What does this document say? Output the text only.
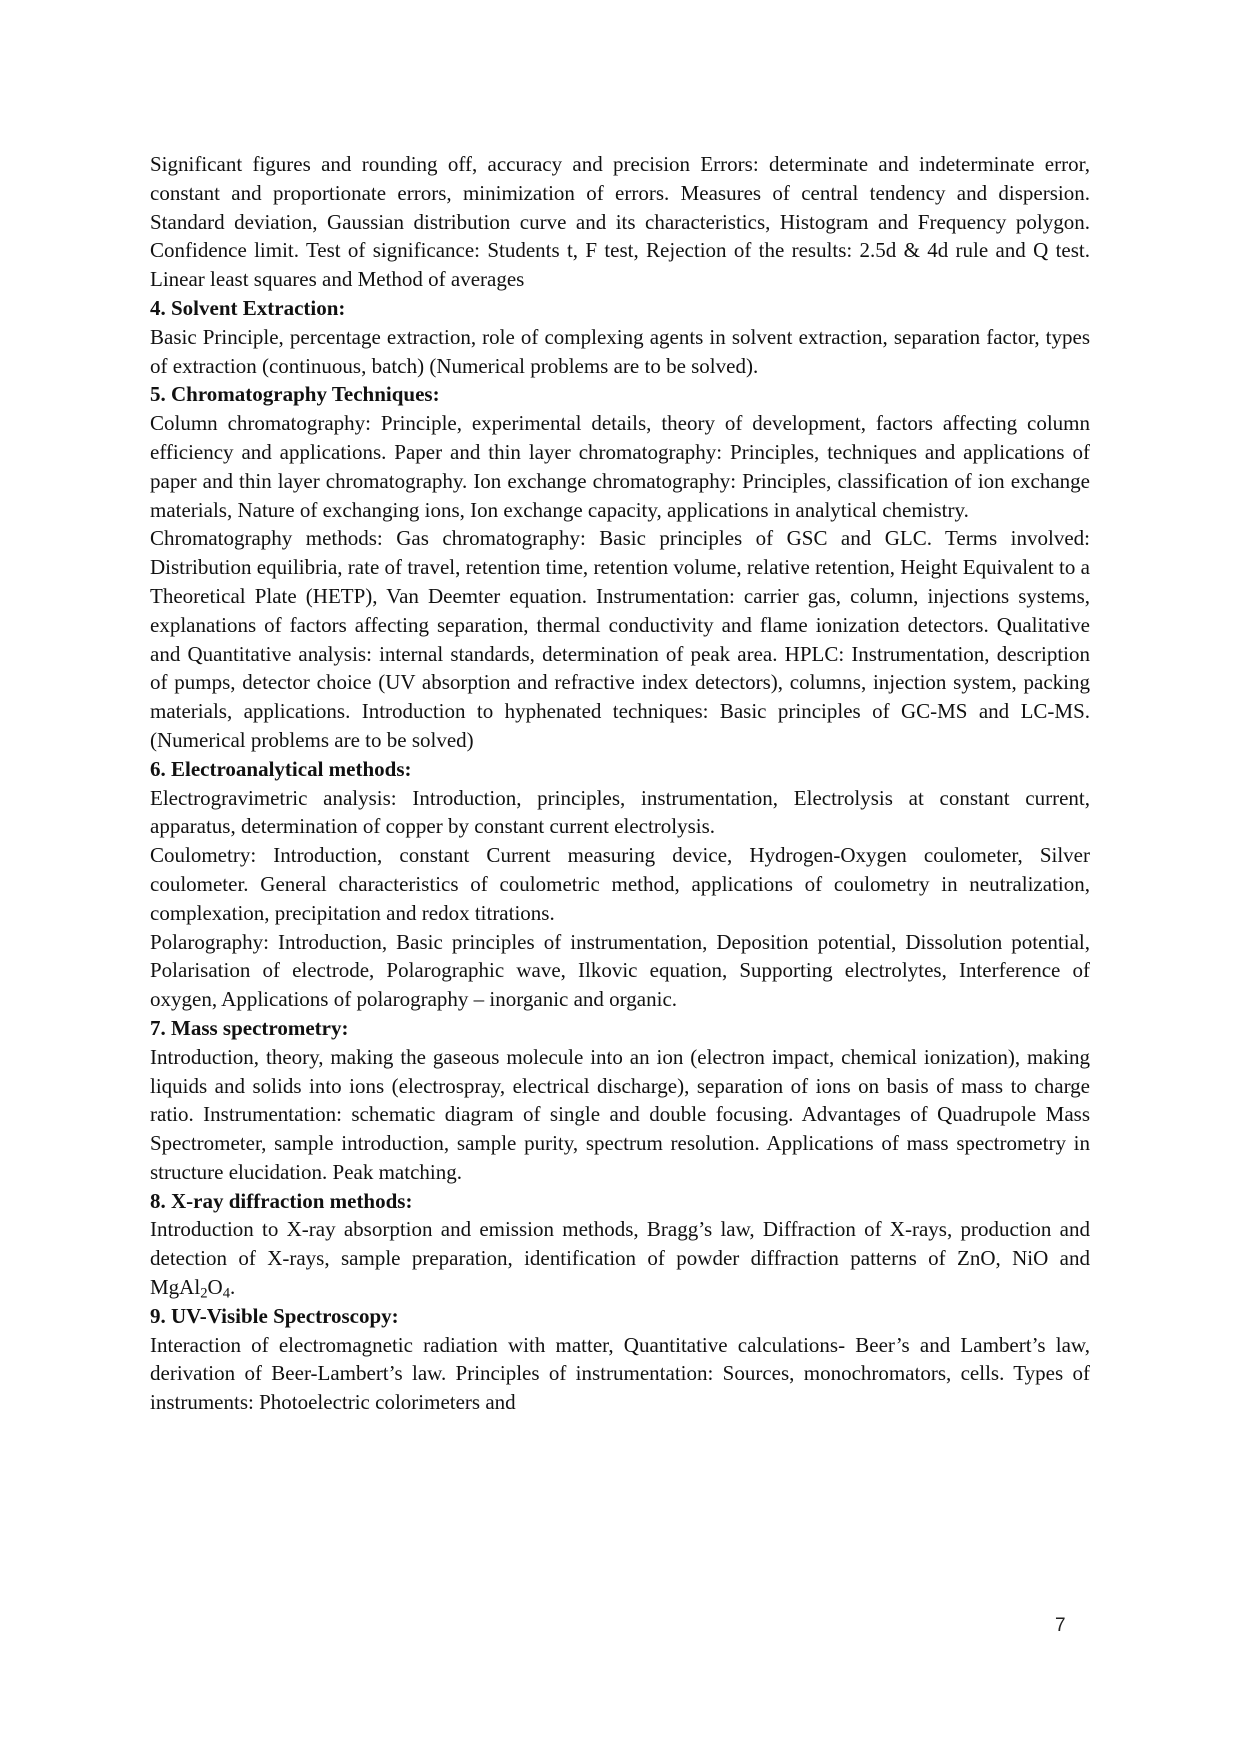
Significant figures and rounding off, accuracy and precision Errors: determinate and indeterminate error, constant and proportionate errors, minimization of errors. Measures of central tendency and dispersion. Standard deviation, Gaussian distribution curve and its characteristics, Histogram and Frequency polygon. Confidence limit. Test of significance: Students t, F test, Rejection of the results: 2.5d & 4d rule and Q test. Linear least squares and Method of averages

4. Solvent Extraction:

Basic Principle, percentage extraction, role of complexing agents in solvent extraction, separation factor, types of extraction (continuous, batch) (Numerical problems are to be solved).

5. Chromatography Techniques:

Column chromatography: Principle, experimental details, theory of development, factors affecting column efficiency and applications. Paper and thin layer chromatography: Principles, techniques and applications of paper and thin layer chromatography. Ion exchange chromatography: Principles, classification of ion exchange materials, Nature of exchanging ions, Ion exchange capacity, applications in analytical chemistry.

Chromatography methods: Gas chromatography: Basic principles of GSC and GLC. Terms involved: Distribution equilibria, rate of travel, retention time, retention volume, relative retention, Height Equivalent to a Theoretical Plate (HETP), Van Deemter equation. Instrumentation: carrier gas, column, injections systems, explanations of factors affecting separation, thermal conductivity and flame ionization detectors. Qualitative and Quantitative analysis: internal standards, determination of peak area. HPLC: Instrumentation, description of pumps, detector choice (UV absorption and refractive index detectors), columns, injection system, packing materials, applications. Introduction to hyphenated techniques: Basic principles of GC-MS and LC-MS. (Numerical problems are to be solved)

6. Electroanalytical methods:

Electrogravimetric analysis: Introduction, principles, instrumentation, Electrolysis at constant current, apparatus, determination of copper by constant current electrolysis.

Coulometry: Introduction, constant Current measuring device, Hydrogen-Oxygen coulometer, Silver coulometer. General characteristics of coulometric method, applications of coulometry in neutralization, complexation, precipitation and redox titrations.

Polarography: Introduction, Basic principles of instrumentation, Deposition potential, Dissolution potential, Polarisation of electrode, Polarographic wave, Ilkovic equation, Supporting electrolytes, Interference of oxygen, Applications of polarography – inorganic and organic.

7. Mass spectrometry:

Introduction, theory, making the gaseous molecule into an ion (electron impact, chemical ionization), making liquids and solids into ions (electrospray, electrical discharge), separation of ions on basis of mass to charge ratio. Instrumentation: schematic diagram of single and double focusing. Advantages of Quadrupole Mass Spectrometer, sample introduction, sample purity, spectrum resolution. Applications of mass spectrometry in structure elucidation. Peak matching.

8. X-ray diffraction methods:

Introduction to X-ray absorption and emission methods, Bragg’s law, Diffraction of X-rays, production and detection of X-rays, sample preparation, identification of powder diffraction patterns of ZnO, NiO and $MgAl_2O_4$.

9. UV-Visible Spectroscopy:

Interaction of electromagnetic radiation with matter, Quantitative calculations- Beer’s and Lambert’s law, derivation of Beer-Lambert’s law. Principles of instrumentation: Sources, monochromators, cells. Types of instruments: Photoelectric colorimeters and

7
